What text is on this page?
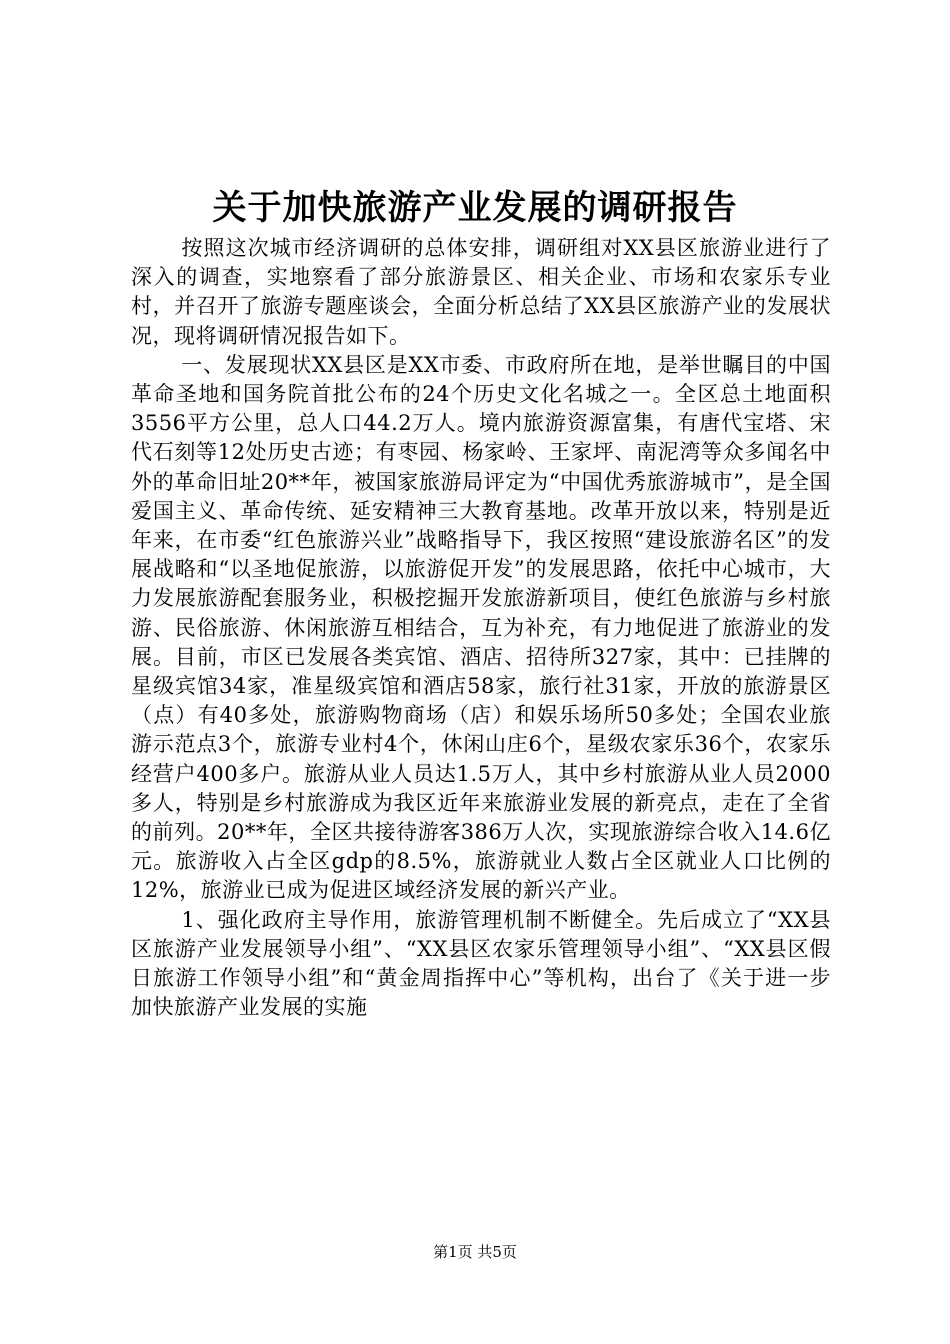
关于加快旅游产业发展的调研报告

按照这次城市经济调研的总体安排，调研组对XX县区旅游业进行了深入的调查，实地察看了部分旅游景区、相关企业、市场和农家乐专业村，并召开了旅游专题座谈会，全面分析总结了XX县区旅游产业的发展状况，现将调研情况报告如下。

一、发展现状XX县区是XX市委、市政府所在地，是举世瞩目的中国革命圣地和国务院首批公布的24个历史文化名城之一。全区总土地面积3556平方公里，总人口44.2万人。境内旅游资源富集，有唐代宝塔、宋代石刻等12处历史古迹；有枣园、杨家岭、王家坪、南泥湾等众多闻名中外的革命旧址20**年，被国家旅游局评定为“中国优秀旅游城市”，是全国爱国主义、革命传统、延安精神三大教育基地。改革开放以来，特别是近年来，在市委“红色旅游兴业”战略指导下，我区按照“建设旅游名区”的发展战略和“以圣地促旅游，以旅游促开发”的发展思路，依托中心城市，大力发展旅游配套服务业，积极挖掘开发旅游新项目，使红色旅游与乡村旅游、民俗旅游、休闲旅游互相结合，互为补充，有力地促进了旅游业的发展。目前，市区已发展各类宾馆、酒店、招待所327家，其中：已挂牌的星级宾馆34家，准星级宾馆和酒店58家，旅行社31家，开放的旅游景区（点）有40多处，旅游购物商场（店）和娱乐场所50多处；全国农业旅游示范点3个，旅游专业村4个，休闲山庄6个，星级农家乐36个，农家乐经营户400多户。旅游从业人员达1.5万人，其中乡村旅游从业人员2000多人，特别是乡村旅游成为我区近年来旅游业发展的新亮点，走在了全省的前列。20**年，全区共接待游客386万人次，实现旅游综合收入14.6亿元。旅游收入占全区gdp的8.5%，旅游就业人数占全区就业人口比例的12%，旅游业已成为促进区域经济发展的新兴产业。

1、强化政府主导作用，旅游管理机制不断健全。先后成立了“XX县区旅游产业发展领导小组”、“XX县区农家乐管理领导小组”、“XX县区假日旅游工作领导小组”和“黄金周指挥中心”等机构，出台了《关于进一步加快旅游产业发展的实施

第1页 共5页
